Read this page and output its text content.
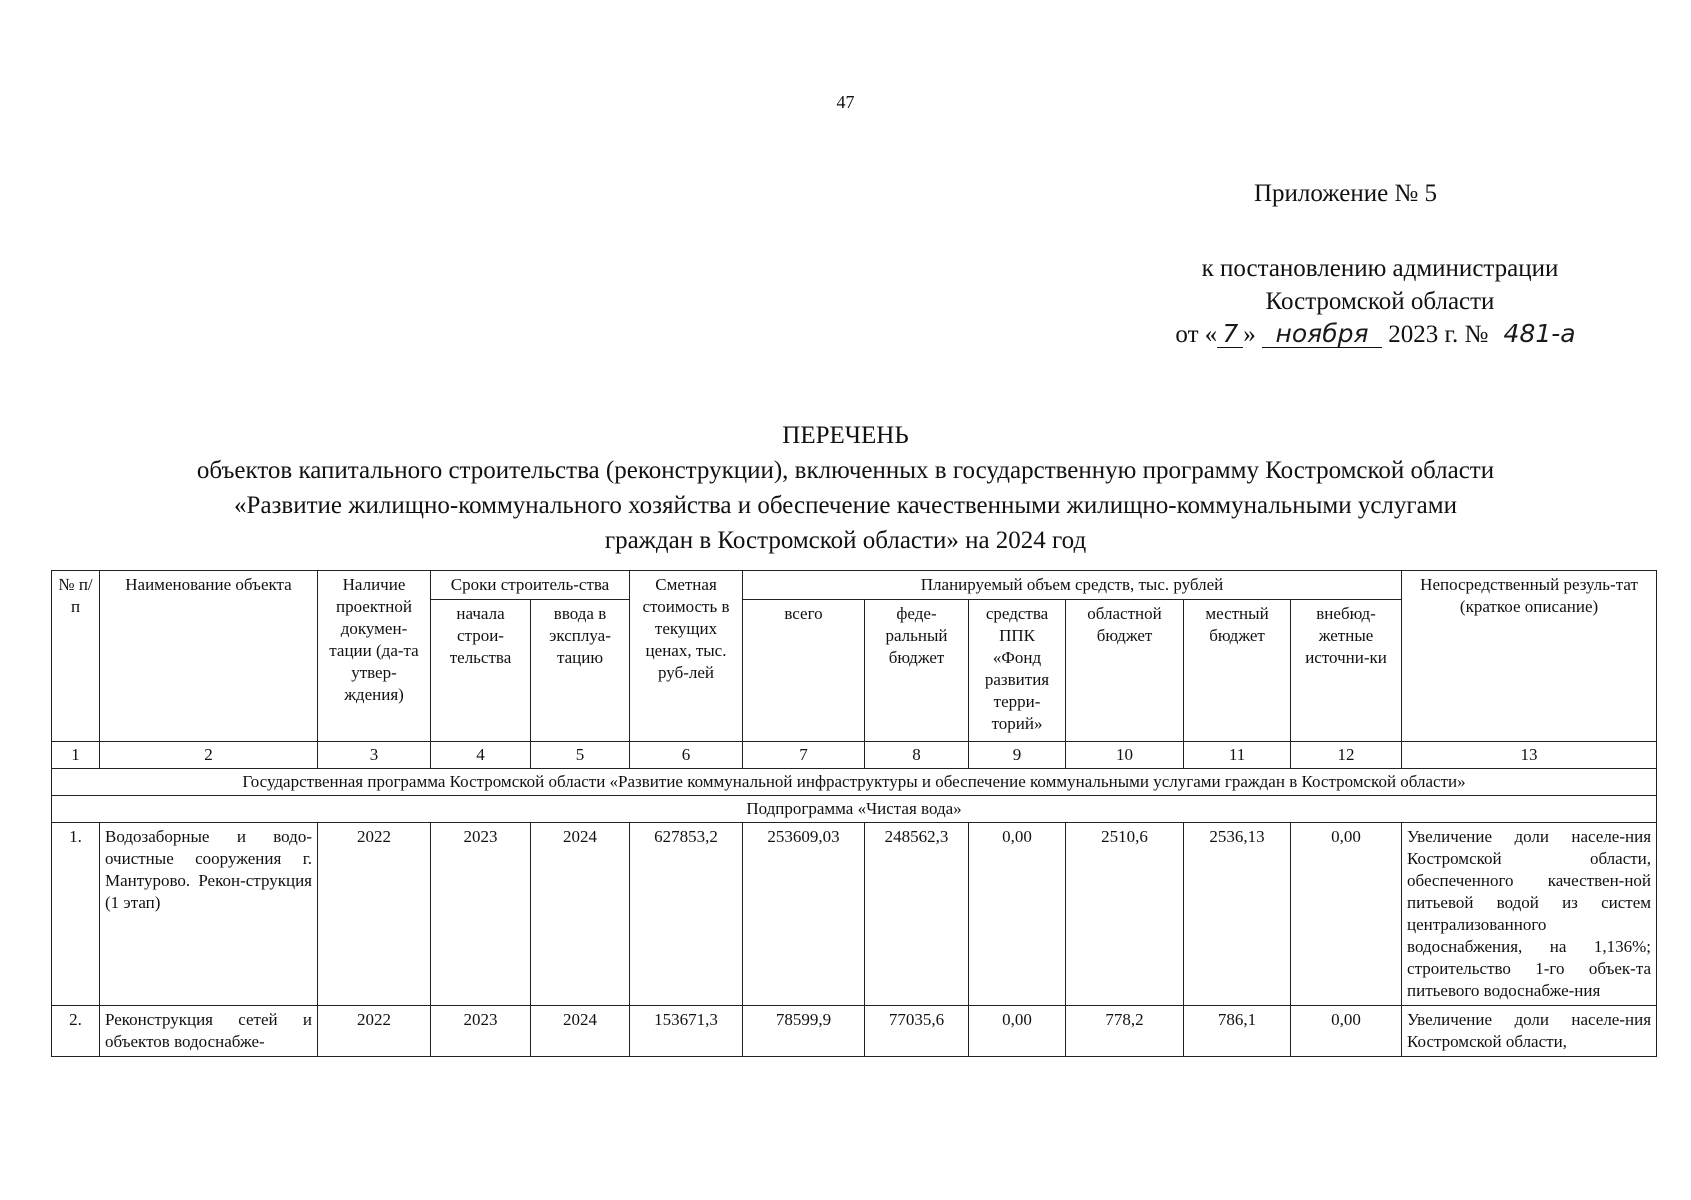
47
Приложение № 5
к постановлению администрации
Костромской области
от « 7 » ноября 2023 г. № 481-а
ПЕРЕЧЕНЬ
объектов капитального строительства (реконструкции), включенных в государственную программу Костромской области «Развитие жилищно-коммунального хозяйства и обеспечение качественными жилищно-коммунальными услугами граждан в Костромской области» на 2024 год
№ п/п	Наименование объекта	Наличие проектной докумен-тации (да-та утвер-ждения)	Сроки строитель-ства		Сметная стоимость в текущих ценах, тыс. руб-лей	Планируемый объем средств, тыс. рублей						Непосредственный резуль-тат (краткое описание)
			начала строи-тельства	ввода в эксплуа-тацию		всего	феде-ральный бюджет	средства ППК «Фонд развития терри-торий»	областной бюджет	местный бюджет	внебюд-жетные источни-ки	
1	2	3	4	5	6	7	8	9	10	11	12	13
Государственная программа Костромской области «Развитие коммунальной инфраструктуры и обеспечение коммунальными услугами граждан в Костромской области»												
Подпрограмма «Чистая вода»												
1.	Водозаборные и водо-очистные сооружения г. Мантурово. Рекон-струкция (1 этап)	2022	2023	2024	627853,2	253609,03	248562,3	0,00	2510,6	2536,13	0,00	Увеличение доли населе-ния Костромской области, обеспеченного качествен-ной питьевой водой из систем централизованного водоснабжения, на 1,136%; строительство 1-го объек-та питьевого водоснабже-ния
2.	Реконструкция сетей и объектов водоснабже-	2022	2023	2024	153671,3	78599,9	77035,6	0,00	778,2	786,1	0,00	Увеличение доли населе-ния Костромской области,
